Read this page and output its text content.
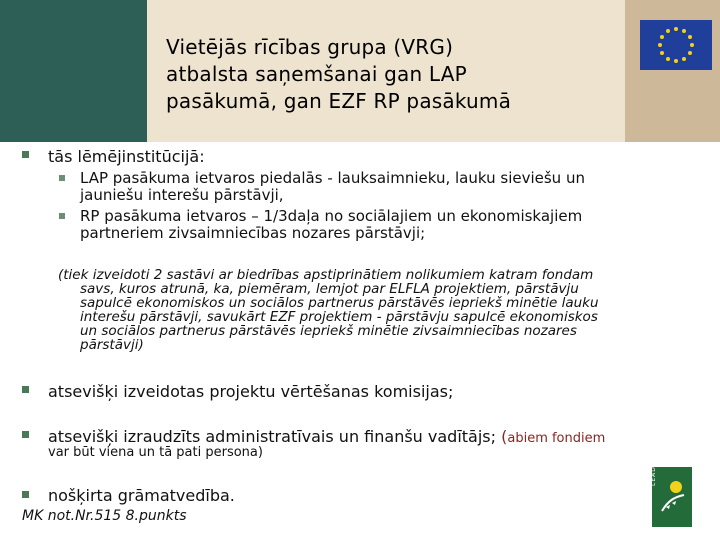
Vietējās rīcības grupa (VRG)
atbalsta saņemšanai gan LAP
pasākumā, gan EZF RP pasākumā
tās lēmējinstitūcijā:
LAP pasākuma ietvaros piedalās - lauksaimnieku, lauku sieviešu un
jauniešu interešu pārstāvji,
RP pasākuma ietvaros – 1/3daļa no sociālajiem un ekonomiskajiem
partneriem zivsaimniecības nozares pārstāvji;
(tiek izveidoti 2 sastāvi ar biedrības apstiprinātiem nolikumiem katram fondam
savs, kuros atrunā, ka, piemēram, lemjot par ELFLA projektiem, pārstāvju
sapulcē ekonomiskos un sociālos partnerus pārstāvēs iepriekš minētie lauku
interešu pārstāvji, savukārt EZF projektiem - pārstāvju sapulcē ekonomiskos
un sociālos partnerus pārstāvēs iepriekš minētie zivsaimniecības nozares
pārstāvji)
atsevišķi izveidotas projektu vērtēšanas komisijas;
atsevišķi izraudzīts administratīvais un finanšu vadītājs; (abiem fondiem
var būt viena un tā pati persona)
nošķirta grāmatvedība.
MK not.Nr.515 8.punkts
LEADER
